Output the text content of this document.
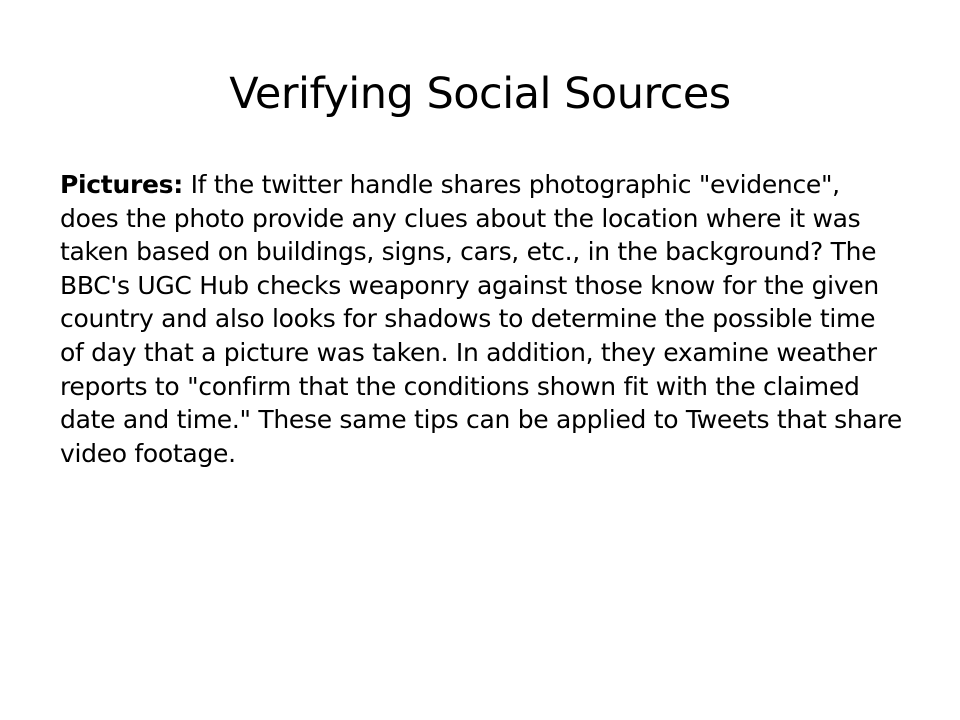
Verifying Social Sources

Pictures: If the twitter handle shares photographic "evidence", does the photo provide any clues about the location where it was taken based on buildings, signs, cars, etc., in the background? The BBC's UGC Hub checks weaponry against those know for the given country and also looks for shadows to determine the possible time of day that a picture was taken. In addition, they examine weather reports to "confirm that the conditions shown fit with the claimed date and time." These same tips can be applied to Tweets that share video footage.
